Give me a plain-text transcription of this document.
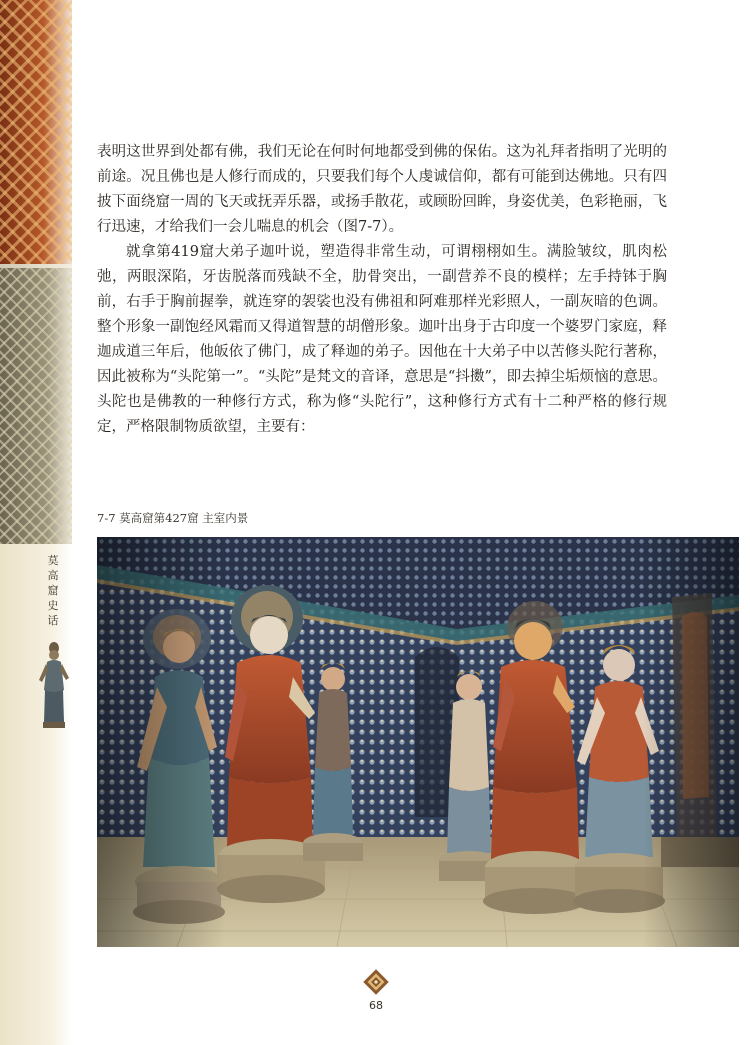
莫
高
窟
史
话

表明这世界到处都有佛，我们无论在何时何地都受到佛的保佑。这为礼拜者指明了光明的前途。况且佛也是人修行而成的，只要我们每个人虔诚信仰，都有可能到达佛地。只有四披下面绕窟一周的飞天或抚弄乐器，或扬手散花，或顾盼回眸，身姿优美，色彩艳丽，飞行迅速，才给我们一会儿喘息的机会（图7-7）。

就拿第419窟大弟子迦叶说，塑造得非常生动，可谓栩栩如生。满脸皱纹，肌肉松弛，两眼深陷，牙齿脱落而残缺不全，肋骨突出，一副营养不良的模样；左手持钵于胸前，右手于胸前握拳，就连穿的袈裟也没有佛祖和阿难那样光彩照人，一副灰暗的色调。整个形象一副饱经风霜而又得道智慧的胡僧形象。迦叶出身于古印度一个婆罗门家庭，释迦成道三年后，他皈依了佛门，成了释迦的弟子。因他在十大弟子中以苦修头陀行著称，因此被称为“头陀第一”。“头陀”是梵文的音译，意思是“抖擞”，即去掉尘垢烦恼的意思。头陀也是佛教的一种修行方式，称为修“头陀行”，这种修行方式有十二种严格的修行规定，严格限制物质欲望，主要有：

7-7 莫高窟第427窟 主室内景
68
